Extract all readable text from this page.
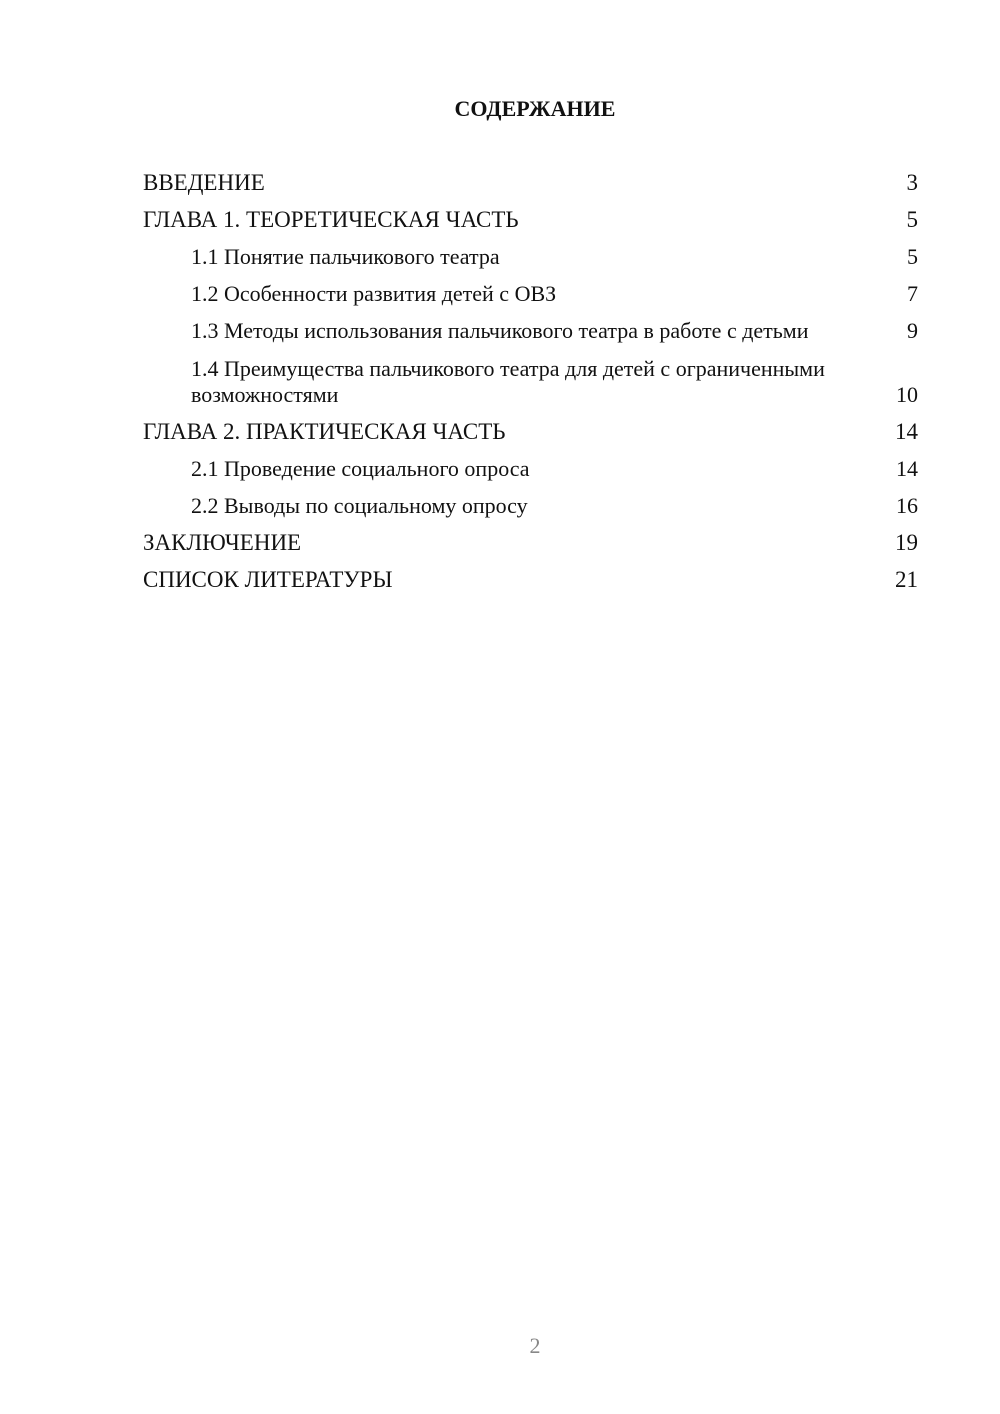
СОДЕРЖАНИЕ
ВВЕДЕНИЕ	3
ГЛАВА 1. ТЕОРЕТИЧЕСКАЯ ЧАСТЬ	5
1.1 Понятие пальчикового театра	5
1.2 Особенности развития детей с ОВЗ	7
1.3 Методы использования пальчикового театра в работе с детьми	9
1.4 Преимущества пальчикового театра для детей с ограниченными возможностями	10
ГЛАВА 2. ПРАКТИЧЕСКАЯ ЧАСТЬ	14
2.1 Проведение социального опроса	14
2.2 Выводы по социальному опросу	16
ЗАКЛЮЧЕНИЕ	19
СПИСОК ЛИТЕРАТУРЫ	21
2
